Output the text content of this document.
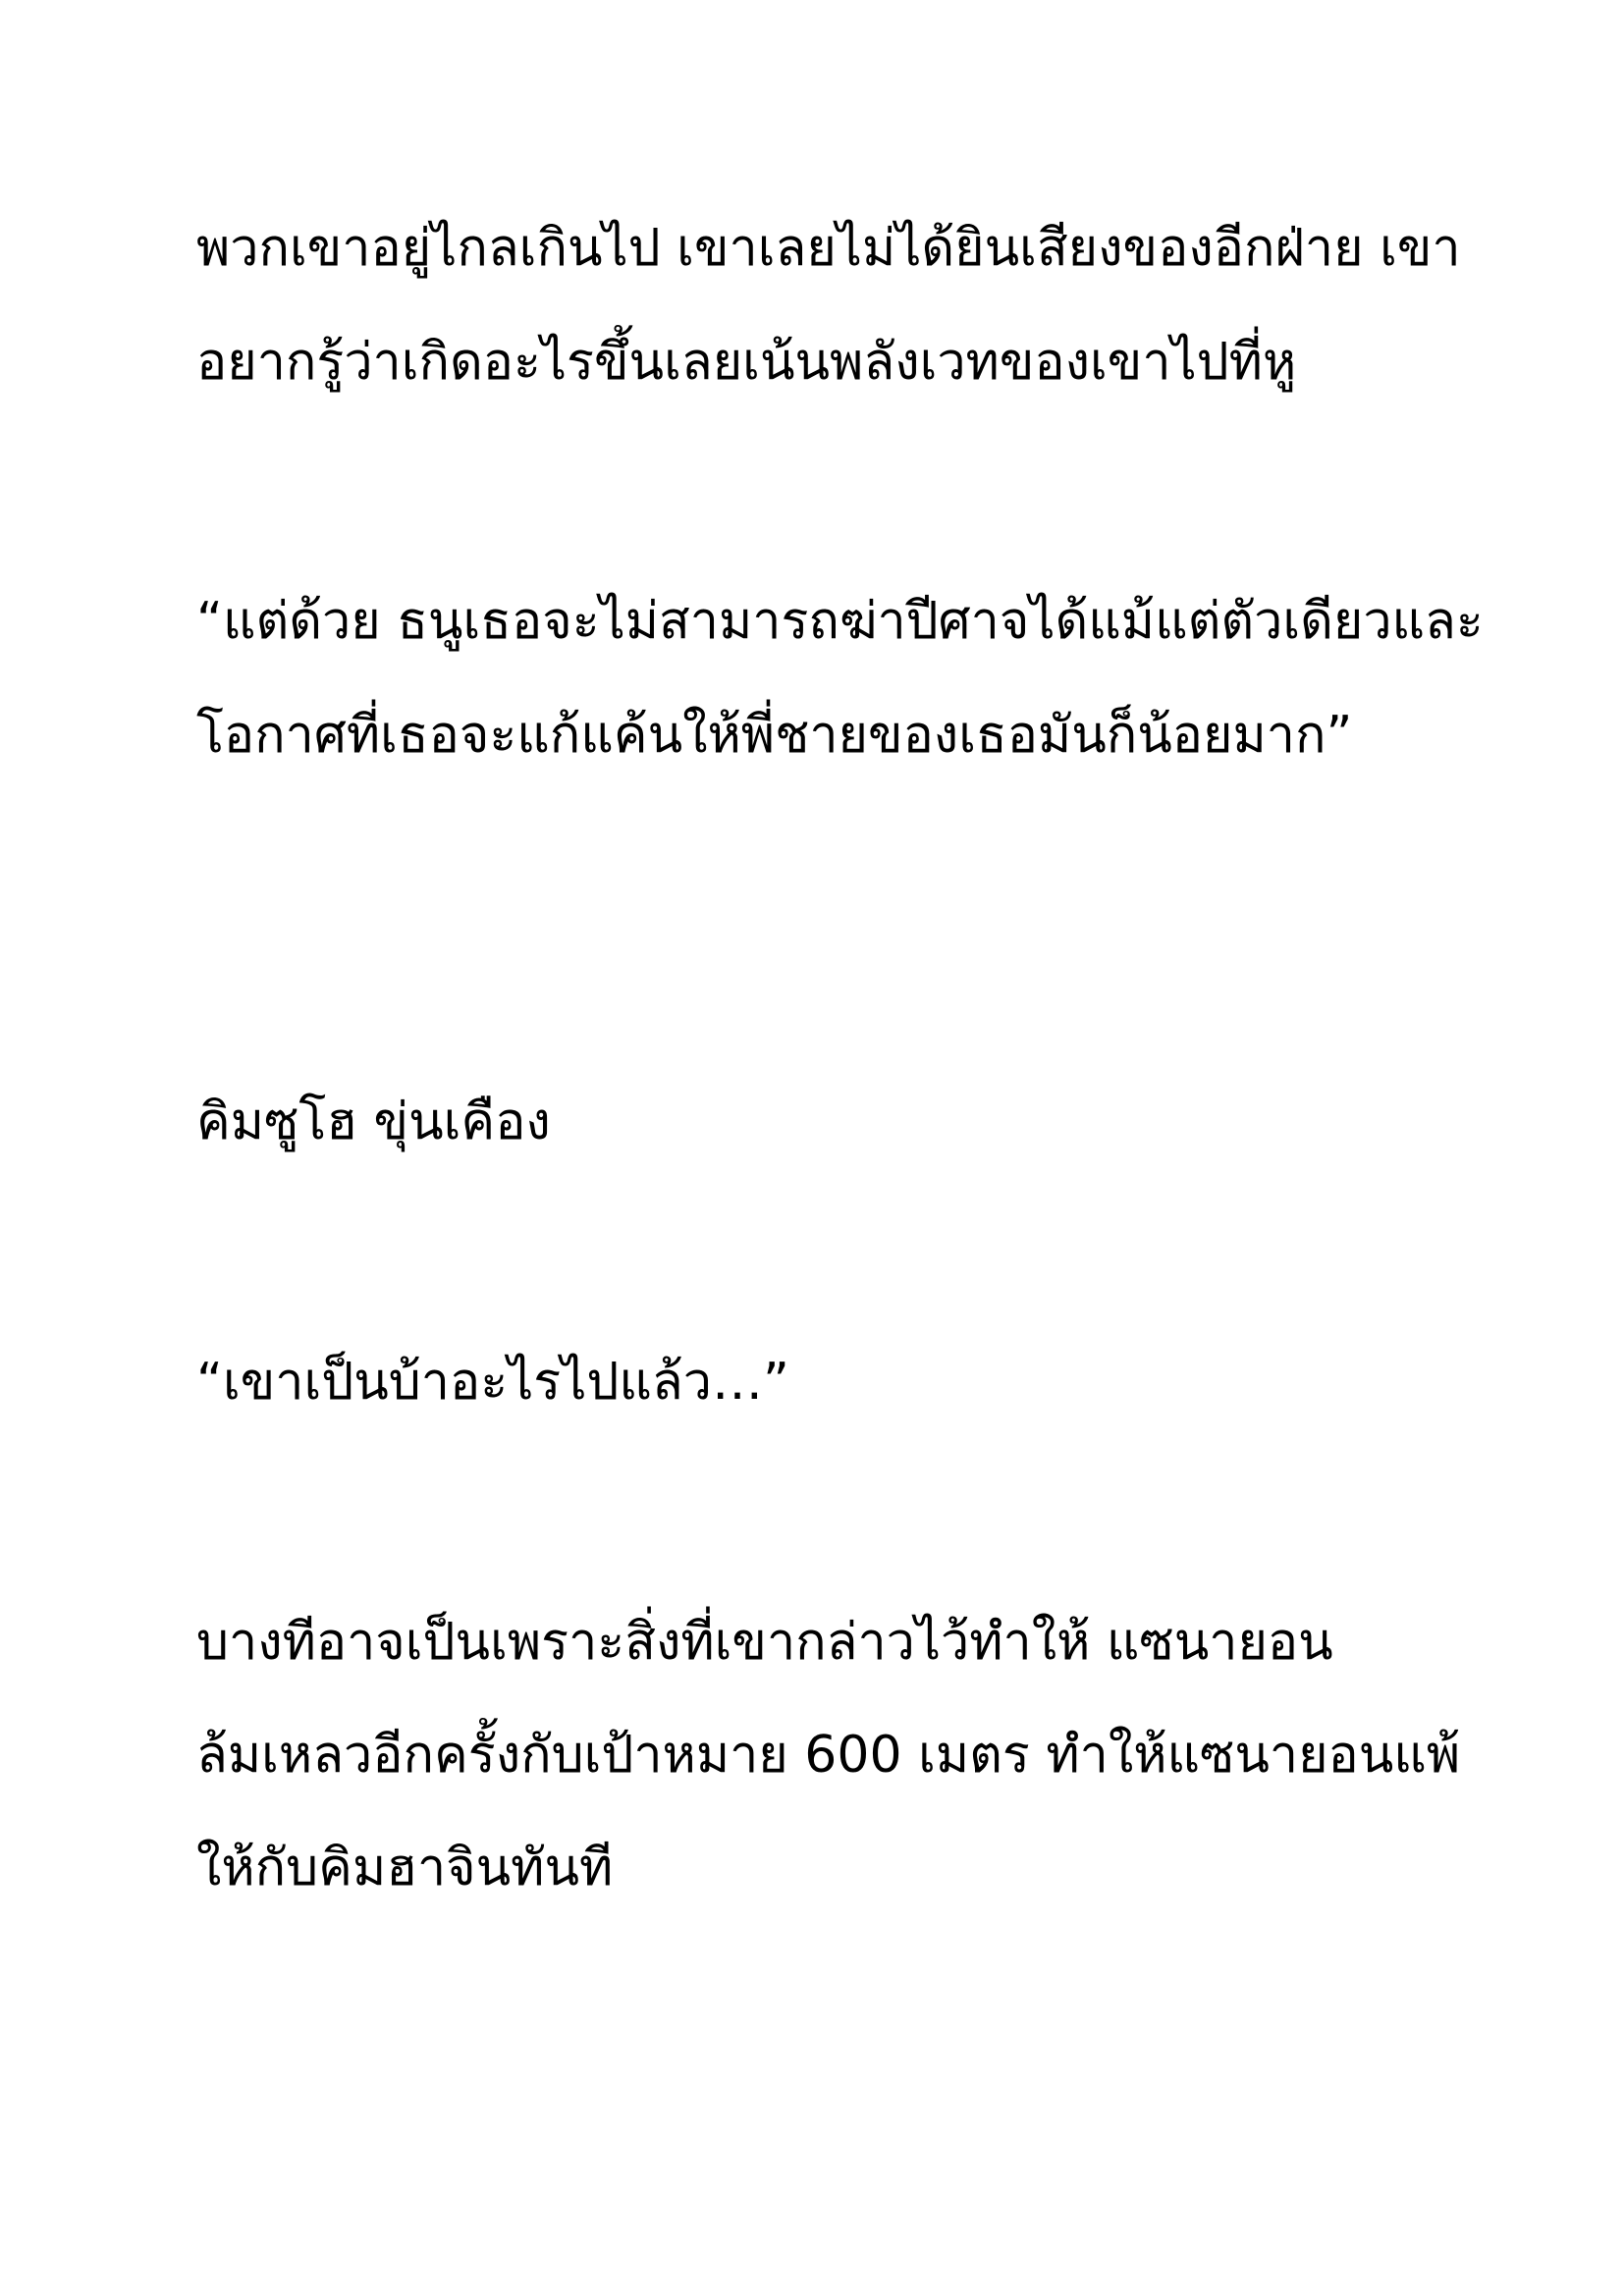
พวกเขาอยู่ไกลเกินไป เขาเลยไม่ได้ยินเสียงของอีกฝ่าย เขา

อยากรู้ว่าเกิดอะไรขึ้นเลยเน้นพลังเวทของเขาไปที่หู

“แต่ด้วย ธนูเธอจะไม่สามารถฆ่าปีศาจได้แม้แต่ตัวเดียวและ

โอกาศที่เธอจะแก้แค้นให้พี่ชายของเธอมันก็น้อยมาก”

คิมซูโฮ ขุ่นเคือง

“เขาเป็นบ้าอะไรไปแล้ว…”

บางทีอาจเป็นเพราะสิ่งที่เขากล่าวไว้ทำให้ แซนายอน

ล้มเหลวอีกครั้งกับเป้าหมาย 600 เมตร ทำให้แซนายอนแพ้

ให้กับคิมฮาจินทันที
